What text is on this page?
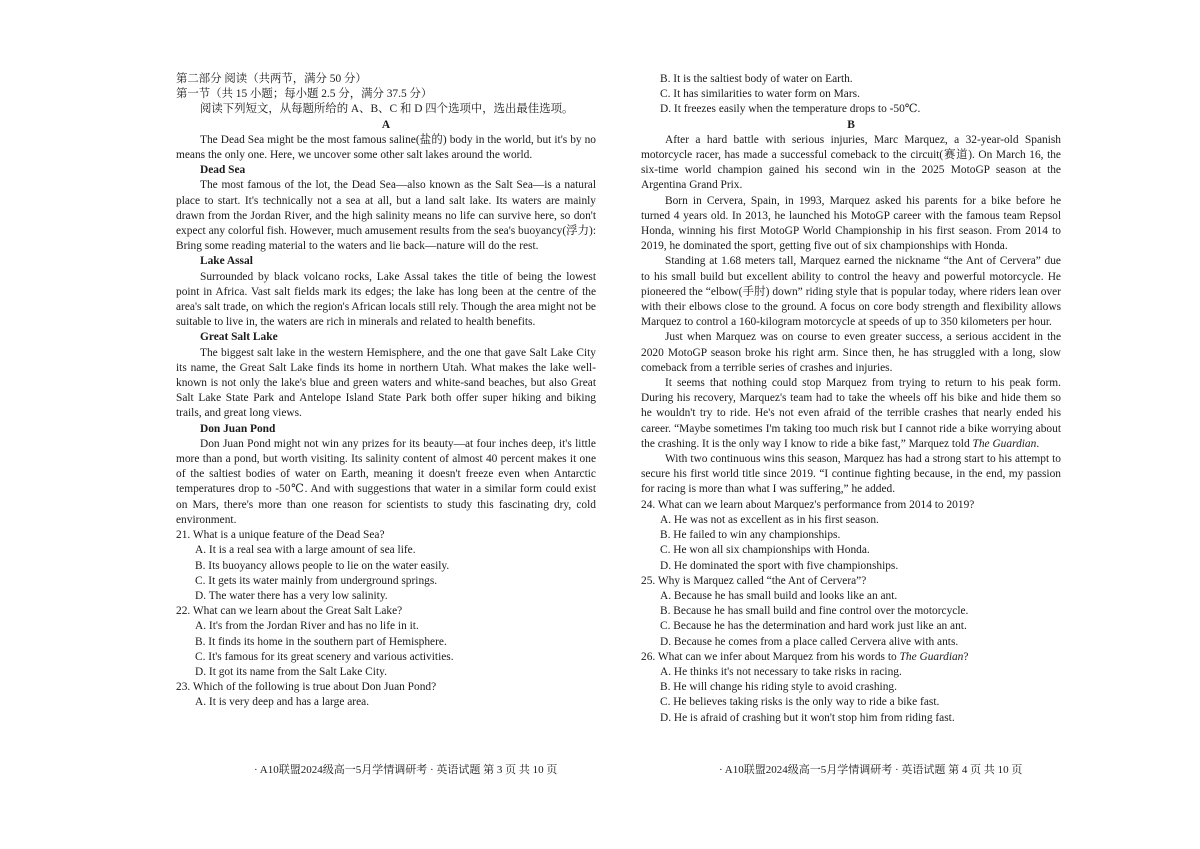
第二部分 阅读（共两节，满分 50 分）

第一节（共 15 小题；每小题 2.5 分，满分 37.5 分）

阅读下列短文，从每题所给的 A、B、C 和 D 四个选项中，选出最佳选项。

A

The Dead Sea might be the most famous saline(盐的) body in the world, but it's by no means the only one. Here, we uncover some other salt lakes around the world.

Dead Sea

The most famous of the lot, the Dead Sea—also known as the Salt Sea—is a natural place to start. It's technically not a sea at all, but a land salt lake. Its waters are mainly drawn from the Jordan River, and the high salinity means no life can survive here, so don't expect any colorful fish. However, much amusement results from the sea's buoyancy(浮力): Bring some reading material to the waters and lie back—nature will do the rest.

Lake Assal

Surrounded by black volcano rocks, Lake Assal takes the title of being the lowest point in Africa. Vast salt fields mark its edges; the lake has long been at the centre of the area's salt trade, on which the region's African locals still rely. Though the area might not be suitable to live in, the waters are rich in minerals and related to health benefits.

Great Salt Lake

The biggest salt lake in the western Hemisphere, and the one that gave Salt Lake City its name, the Great Salt Lake finds its home in northern Utah. What makes the lake well-known is not only the lake's blue and green waters and white-sand beaches, but also Great Salt Lake State Park and Antelope Island State Park both offer super hiking and biking trails, and great long views.

Don Juan Pond

Don Juan Pond might not win any prizes for its beauty—at four inches deep, it's little more than a pond, but worth visiting. Its salinity content of almost 40 percent makes it one of the saltiest bodies of water on Earth, meaning it doesn't freeze even when Antarctic temperatures drop to -50℃. And with suggestions that water in a similar form could exist on Mars, there's more than one reason for scientists to study this fascinating dry, cold environment.

21. What is a unique feature of the Dead Sea?

A. It is a real sea with a large amount of sea life.

B. Its buoyancy allows people to lie on the water easily.

C. It gets its water mainly from underground springs.

D. The water there has a very low salinity.

22. What can we learn about the Great Salt Lake?

A. It's from the Jordan River and has no life in it.

B. It finds its home in the southern part of Hemisphere.

C. It's famous for its great scenery and various activities.

D. It got its name from the Salt Lake City.

23. Which of the following is true about Don Juan Pond?

A. It is very deep and has a large area.

B. It is the saltiest body of water on Earth.

C. It has similarities to water form on Mars.

D. It freezes easily when the temperature drops to -50℃.

B

After a hard battle with serious injuries, Marc Marquez, a 32-year-old Spanish motorcycle racer, has made a successful comeback to the circuit(赛道). On March 16, the six-time world champion gained his second win in the 2025 MotoGP season at the Argentina Grand Prix.

Born in Cervera, Spain, in 1993, Marquez asked his parents for a bike before he turned 4 years old. In 2013, he launched his MotoGP career with the famous team Repsol Honda, winning his first MotoGP World Championship in his first season. From 2014 to 2019, he dominated the sport, getting five out of six championships with Honda.

Standing at 1.68 meters tall, Marquez earned the nickname “the Ant of Cervera” due to his small build but excellent ability to control the heavy and powerful motorcycle. He pioneered the “elbow(手肘) down” riding style that is popular today, where riders lean over with their elbows close to the ground. A focus on core body strength and flexibility allows Marquez to control a 160-kilogram motorcycle at speeds of up to 350 kilometers per hour.

Just when Marquez was on course to even greater success, a serious accident in the 2020 MotoGP season broke his right arm. Since then, he has struggled with a long, slow comeback from a terrible series of crashes and injuries.

It seems that nothing could stop Marquez from trying to return to his peak form. During his recovery, Marquez's team had to take the wheels off his bike and hide them so he wouldn't try to ride. He's not even afraid of the terrible crashes that nearly ended his career. “Maybe sometimes I'm taking too much risk but I cannot ride a bike worrying about the crashing. It is the only way I know to ride a bike fast,” Marquez told The Guardian.

With two continuous wins this season, Marquez has had a strong start to his attempt to secure his first world title since 2019. “I continue fighting because, in the end, my passion for racing is more than what I was suffering,” he added.

24. What can we learn about Marquez's performance from 2014 to 2019?

A. He was not as excellent as in his first season.

B. He failed to win any championships.

C. He won all six championships with Honda.

D. He dominated the sport with five championships.

25. Why is Marquez called “the Ant of Cervera”?

A. Because he has small build and looks like an ant.

B. Because he has small build and fine control over the motorcycle.

C. Because he has the determination and hard work just like an ant.

D. Because he comes from a place called Cervera alive with ants.

26. What can we infer about Marquez from his words to The Guardian?

A. He thinks it's not necessary to take risks in racing.

B. He will change his riding style to avoid crashing.

C. He believes taking risks is the only way to ride a bike fast.

D. He is afraid of crashing but it won't stop him from riding fast.

· A10联盟2024级高一5月学情调研考 · 英语试题 第 3 页 共 10 页	· A10联盟2024级高一5月学情调研考 · 英语试题 第 4 页 共 10 页
